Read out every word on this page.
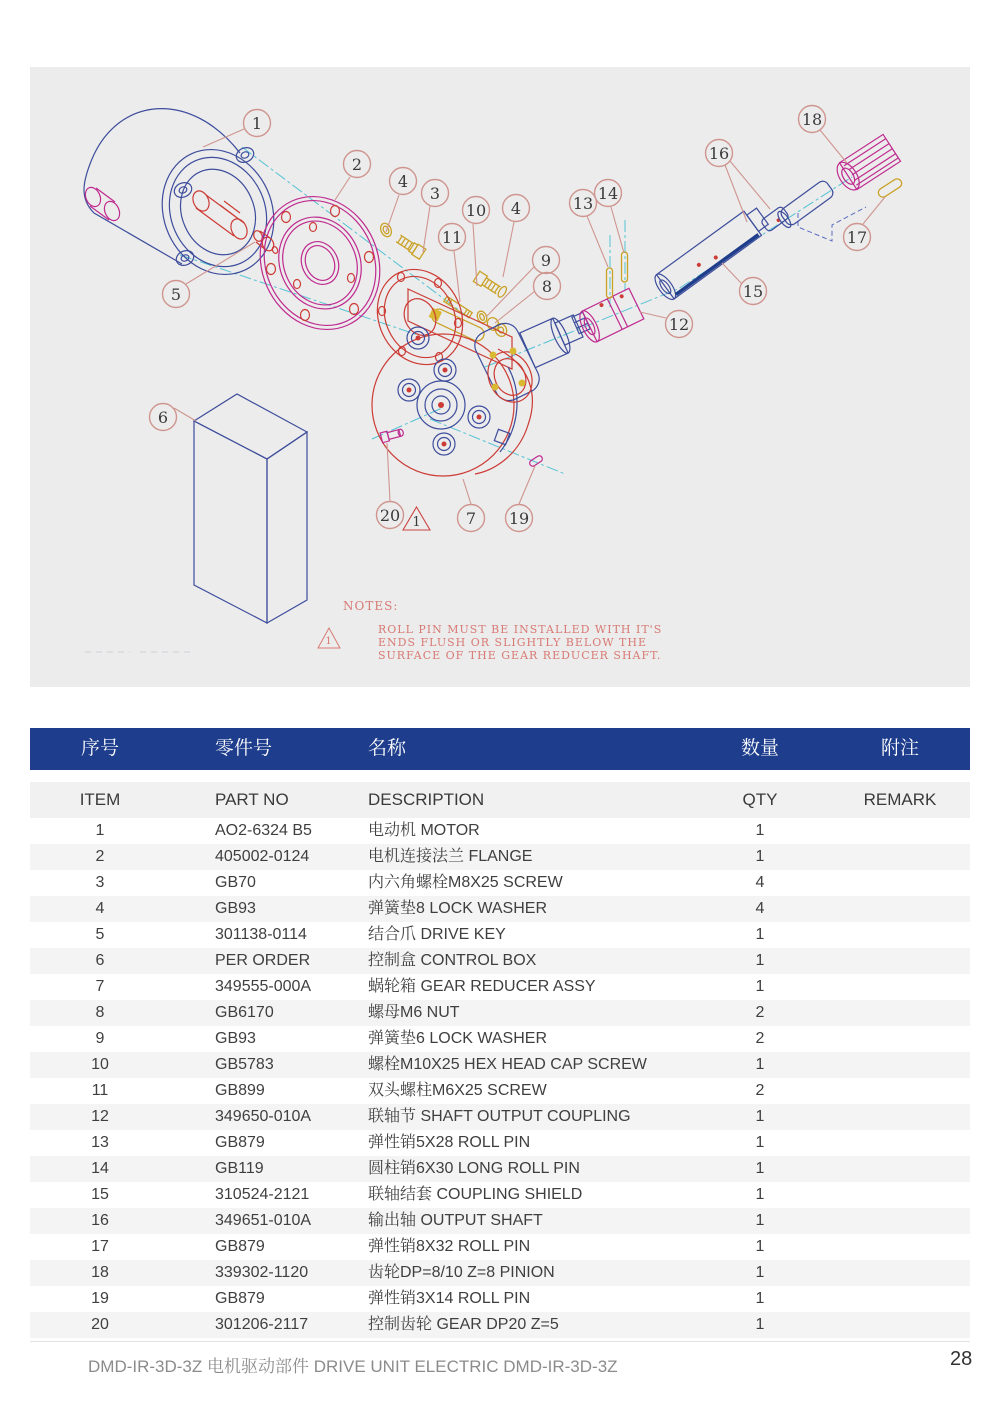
1
2
4
3
10 4
11
9
8
13
14
16
18
17
15
12
5
6
20	7 19
1
NOTES:
1
ROLL PIN MUST BE INSTALLED WITH IT'S
ENDS FLUSH OR SLIGHTLY BELOW THE
SURFACE OF THE GEAR REDUCER SHAFT.
序号	零件号	名称	数量	附注
ITEM	PART NO	DESCRIPTION	QTY	REMARK
1	AO2-6324 B5	电动机 MOTOR	1
2	405002-0124	电机连接法兰 FLANGE	1
3	GB70	内六角螺栓M8X25 SCREW	4
4	GB93	弹簧垫8 LOCK WASHER	4
5	301138-0114	结合爪 DRIVE KEY	1
6	PER ORDER	控制盒 CONTROL BOX	1
7	349555-000A	蜗轮箱 GEAR REDUCER ASSY	1
8	GB6170	螺母M6 NUT	2
9	GB93	弹簧垫6 LOCK WASHER	2
10	GB5783	螺栓M10X25 HEX HEAD CAP SCREW	1
11	GB899	双头螺柱M6X25 SCREW	2
12	349650-010A	联轴节 SHAFT OUTPUT COUPLING	1
13	GB879	弹性销5X28 ROLL PIN	1
14	GB119	圆柱销6X30 LONG ROLL PIN	1
15	310524-2121	联轴结套 COUPLING SHIELD	1
16	349651-010A	输出轴 OUTPUT SHAFT	1
17	GB879	弹性销8X32 ROLL PIN	1
18	339302-1120	齿轮DP=8/10 Z=8 PINION	1
19	GB879	弹性销3X14 ROLL PIN	1
20	301206-2117	控制齿轮 GEAR DP20 Z=5	1
DMD-IR-3D-3Z 电机驱动部件 DRIVE UNIT ELECTRIC DMD-IR-3D-3Z	28
